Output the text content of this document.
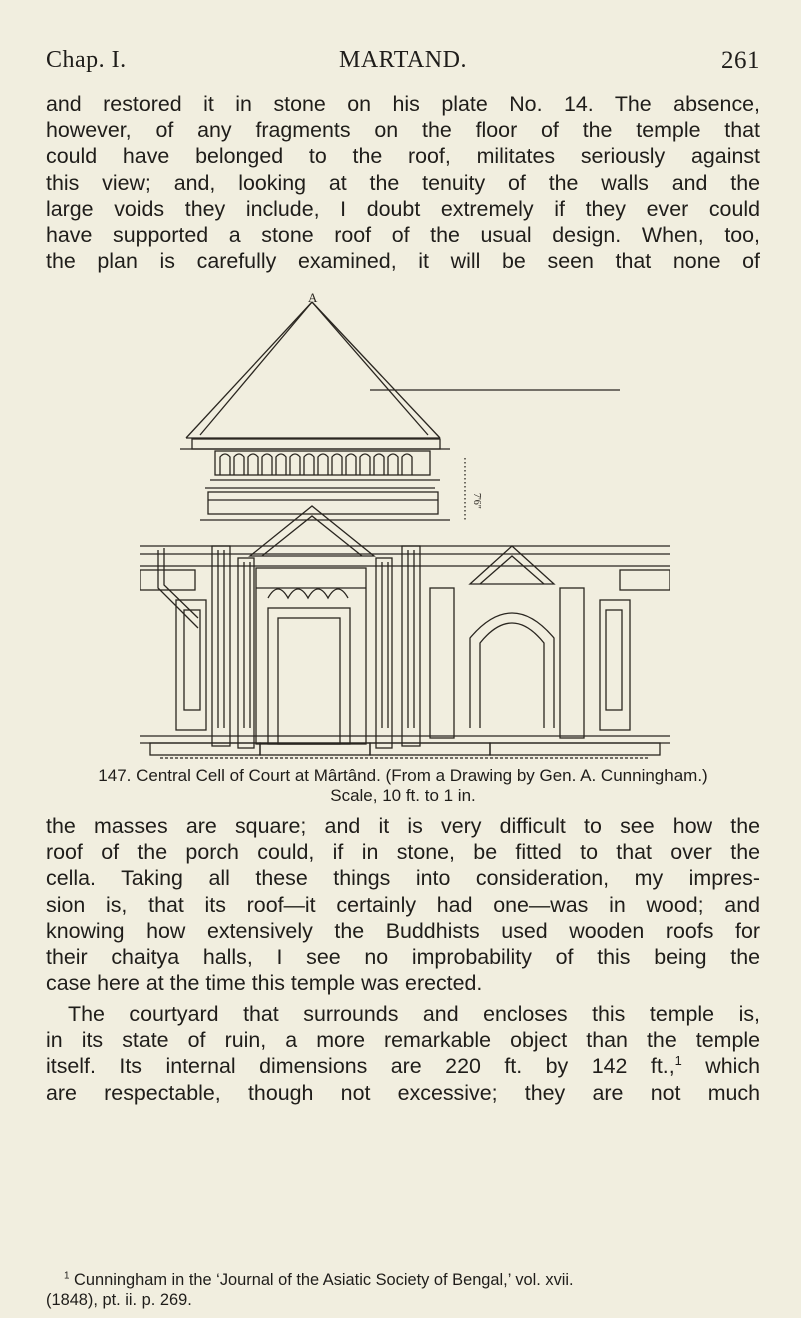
Chap. I.	MARTAND.	261
and restored it in stone on his plate No. 14. The absence,
however, of any fragments on the floor of the temple that
could have belonged to the roof, militates seriously against
this view; and, looking at the tenuity of the walls and the
large voids they include, I doubt extremely if they ever could
have supported a stone roof of the usual design. When, too,
the plan is carefully examined, it will be seen that none of
A
7'6"
147. Central Cell of Court at Mârtând. (From a Drawing by Gen. A. Cunningham.)
Scale, 10 ft. to 1 in.
the masses are square; and it is very difficult to see how the
roof of the porch could, if in stone, be fitted to that over the
cella. Taking all these things into consideration, my impres-
sion is, that its roof—it certainly had one—was in wood; and
knowing how extensively the Buddhists used wooden roofs for
their chaitya halls, I see no improbability of this being the
case here at the time this temple was erected.
The courtyard that surrounds and encloses this temple is,
in its state of ruin, a more remarkable object than the temple
itself. Its internal dimensions are 220 ft. by 142 ft.,$^1$ which
are respectable, though not excessive; they are not much
$^1$ Cunningham in the ‘Journal of the Asiatic Society of Bengal,’ vol. xvii.
(1848), pt. ii. p. 269.
